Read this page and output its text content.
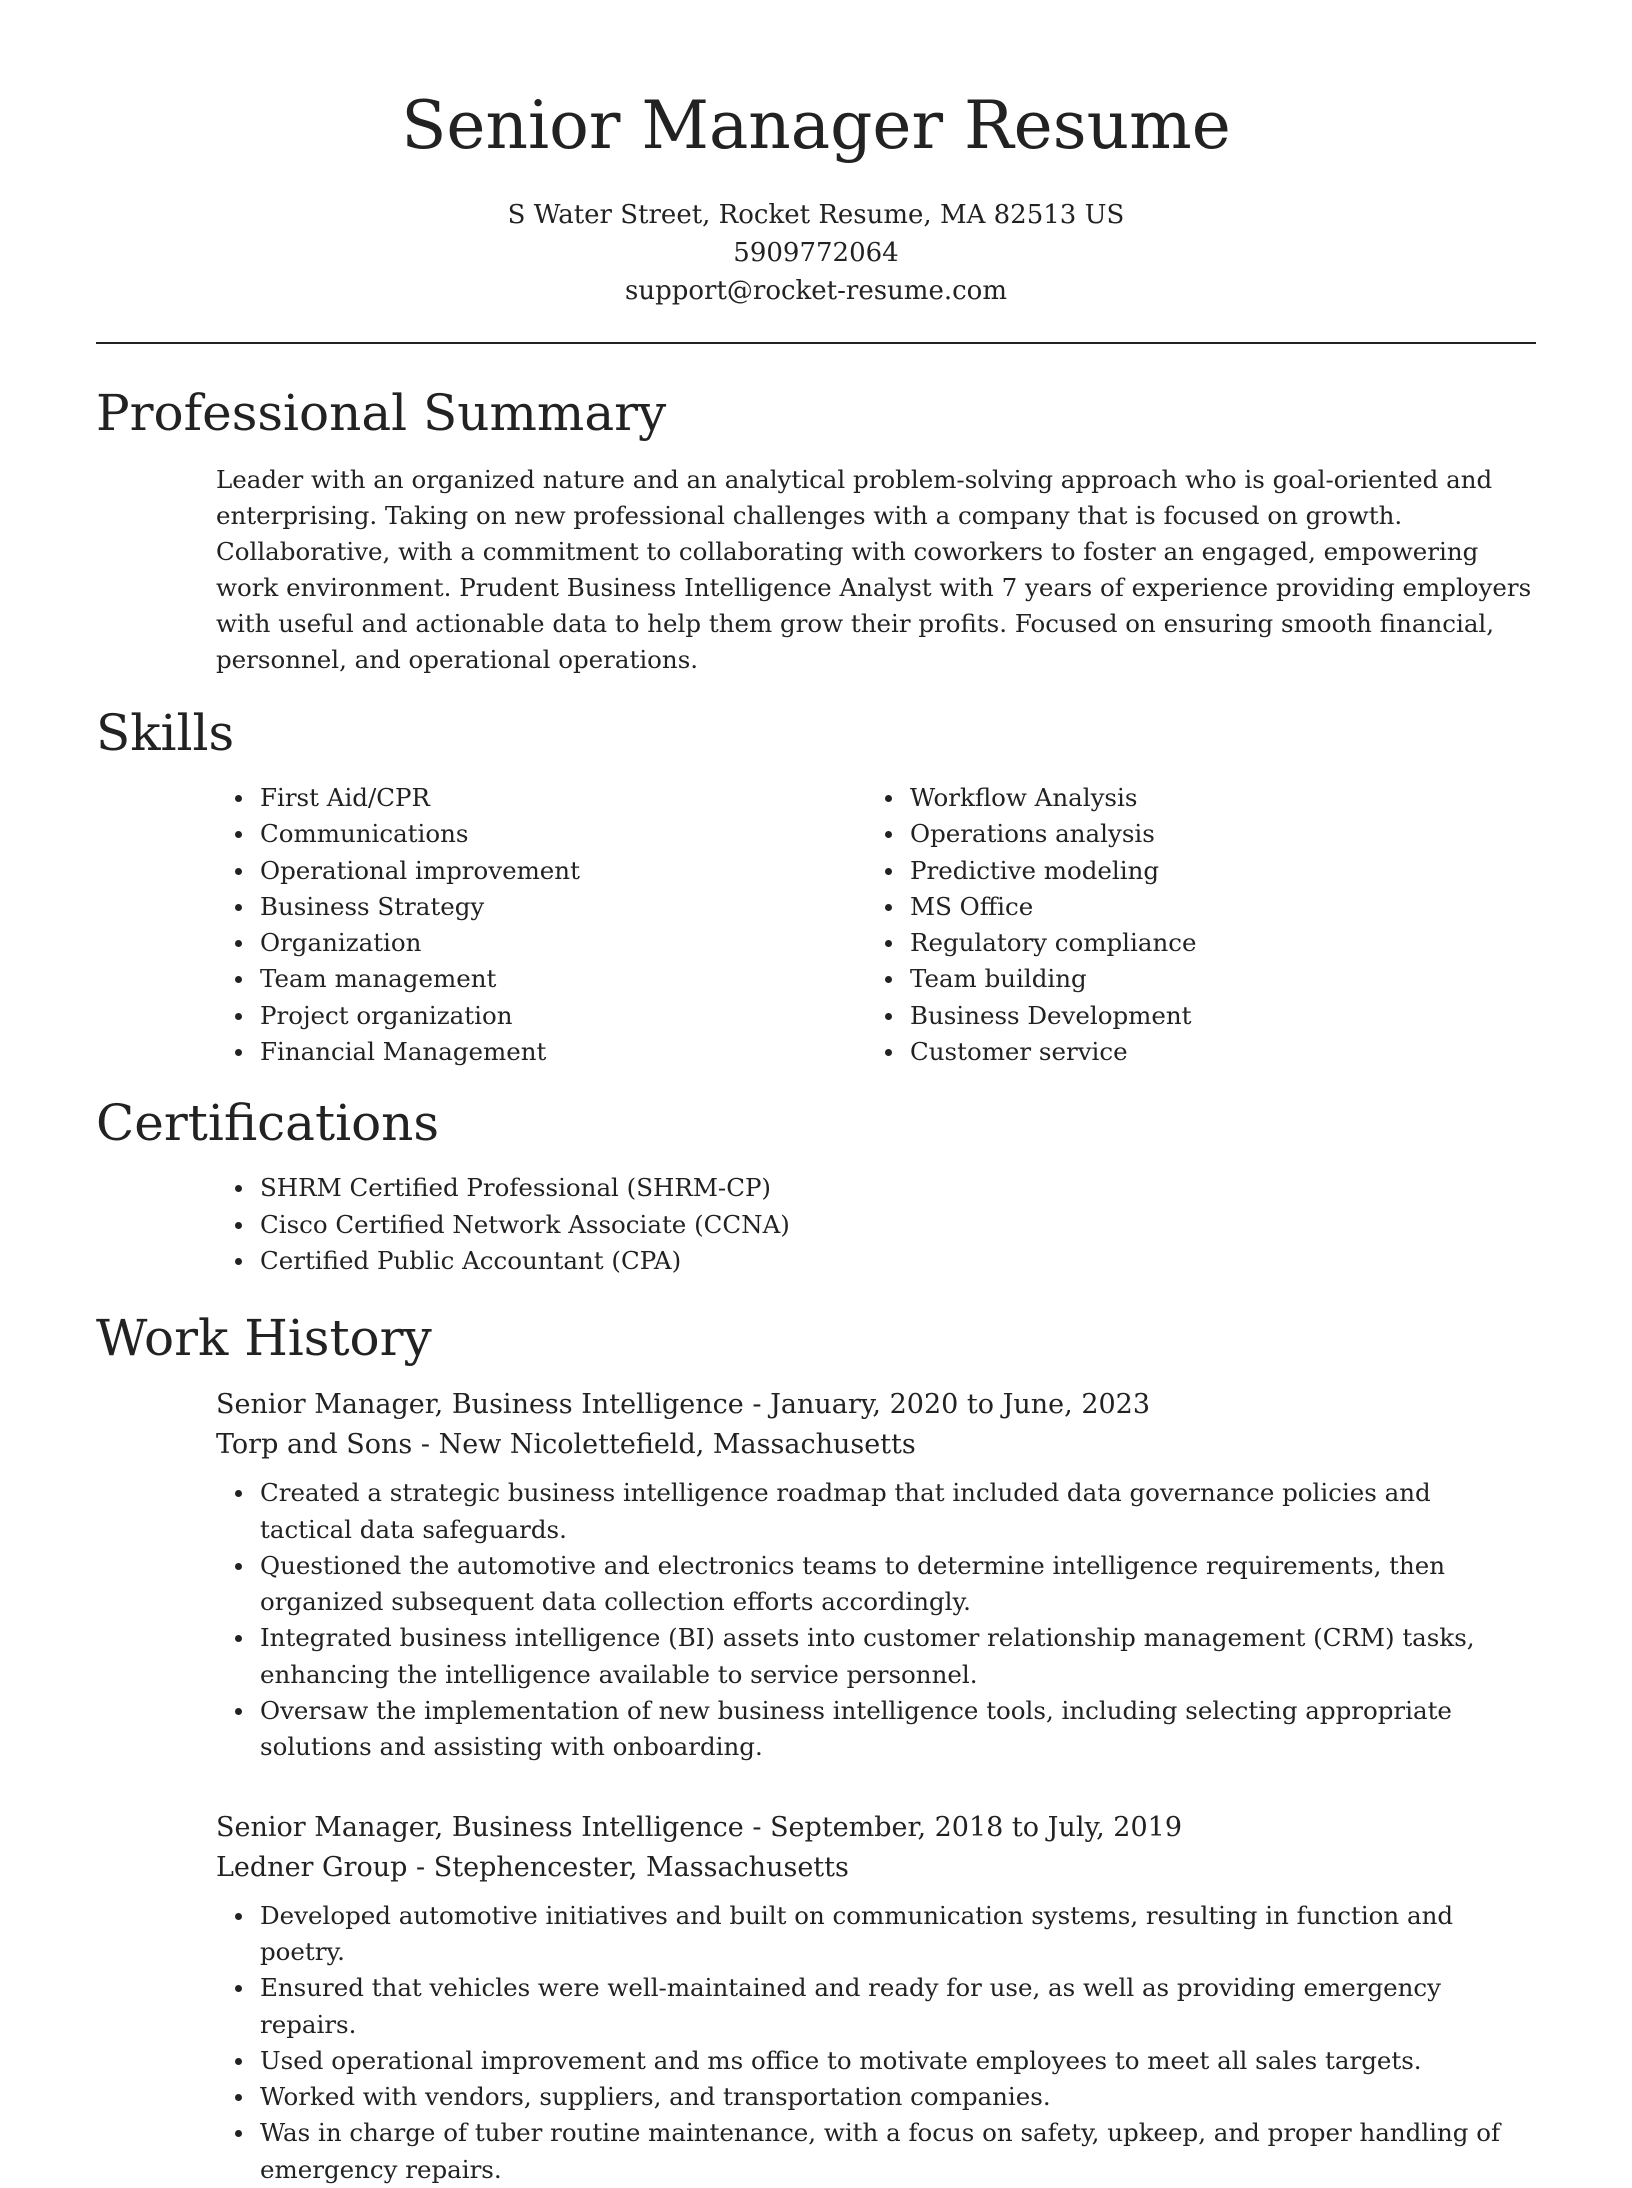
Senior Manager Resume
S Water Street, Rocket Resume, MA 82513 US
5909772064
support@rocket-resume.com
Professional Summary
Leader with an organized nature and an analytical problem-solving approach who is goal-oriented and enterprising. Taking on new professional challenges with a company that is focused on growth. Collaborative, with a commitment to collaborating with coworkers to foster an engaged, empowering work environment. Prudent Business Intelligence Analyst with 7 years of experience providing employers with useful and actionable data to help them grow their profits. Focused on ensuring smooth financial, personnel, and operational operations.
Skills
First Aid/CPR
Communications
Operational improvement
Business Strategy
Organization
Team management
Project organization
Financial Management
Workflow Analysis
Operations analysis
Predictive modeling
MS Office
Regulatory compliance
Team building
Business Development
Customer service
Certifications
SHRM Certified Professional (SHRM-CP)
Cisco Certified Network Associate (CCNA)
Certified Public Accountant (CPA)
Work History
Senior Manager, Business Intelligence - January, 2020 to June, 2023
Torp and Sons - New Nicolettefield, Massachusetts
Created a strategic business intelligence roadmap that included data governance policies and tactical data safeguards.
Questioned the automotive and electronics teams to determine intelligence requirements, then organized subsequent data collection efforts accordingly.
Integrated business intelligence (BI) assets into customer relationship management (CRM) tasks, enhancing the intelligence available to service personnel.
Oversaw the implementation of new business intelligence tools, including selecting appropriate solutions and assisting with onboarding.
Senior Manager, Business Intelligence - September, 2018 to July, 2019
Ledner Group - Stephencester, Massachusetts
Developed automotive initiatives and built on communication systems, resulting in function and poetry.
Ensured that vehicles were well-maintained and ready for use, as well as providing emergency repairs.
Used operational improvement and ms office to motivate employees to meet all sales targets.
Worked with vendors, suppliers, and transportation companies.
Was in charge of tuber routine maintenance, with a focus on safety, upkeep, and proper handling of emergency repairs.
